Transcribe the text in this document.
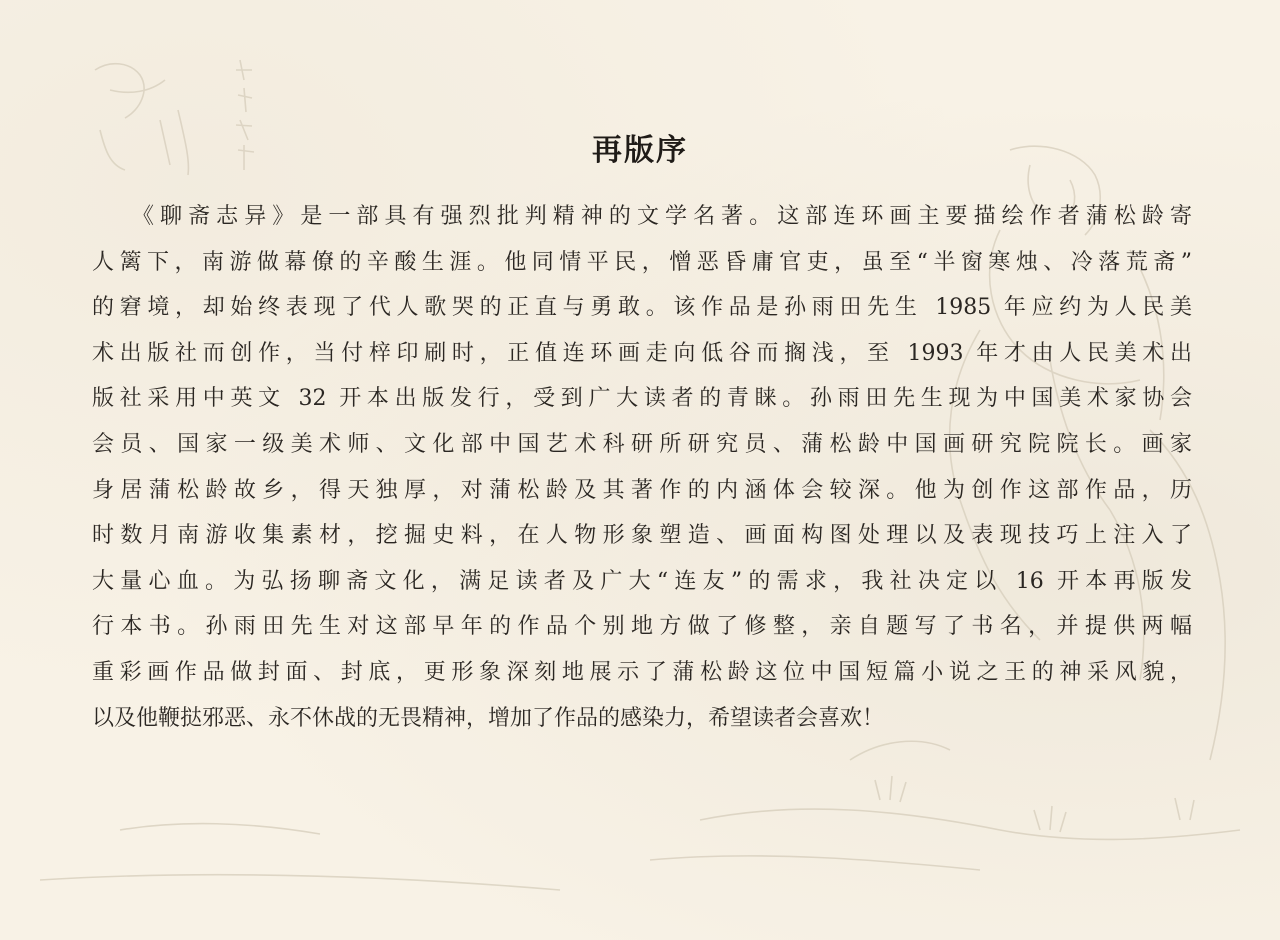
再版序
《聊斋志异》是一部具有强烈批判精神的文学名著。这部连环画主要描绘作者蒲松龄寄
人篱下，南游做幕僚的辛酸生涯。他同情平民，憎恶昏庸官吏，虽至“半窗寒烛、冷落荒斋”
的窘境，却始终表现了代人歌哭的正直与勇敢。该作品是孙雨田先生 1985 年应约为人民美
术出版社而创作，当付梓印刷时，正值连环画走向低谷而搁浅，至 1993 年才由人民美术出
版社采用中英文 32 开本出版发行，受到广大读者的青睐。孙雨田先生现为中国美术家协会
会员、国家一级美术师、文化部中国艺术科研所研究员、蒲松龄中国画研究院院长。画家
身居蒲松龄故乡，得天独厚，对蒲松龄及其著作的内涵体会较深。他为创作这部作品，历
时数月南游收集素材，挖掘史料，在人物形象塑造、画面构图处理以及表现技巧上注入了
大量心血。为弘扬聊斋文化，满足读者及广大“连友”的需求，我社决定以 16 开本再版发
行本书。孙雨田先生对这部早年的作品个别地方做了修整，亲自题写了书名，并提供两幅
重彩画作品做封面、封底，更形象深刻地展示了蒲松龄这位中国短篇小说之王的神采风貌，
以及他鞭挞邪恶、永不休战的无畏精神，增加了作品的感染力，希望读者会喜欢！
